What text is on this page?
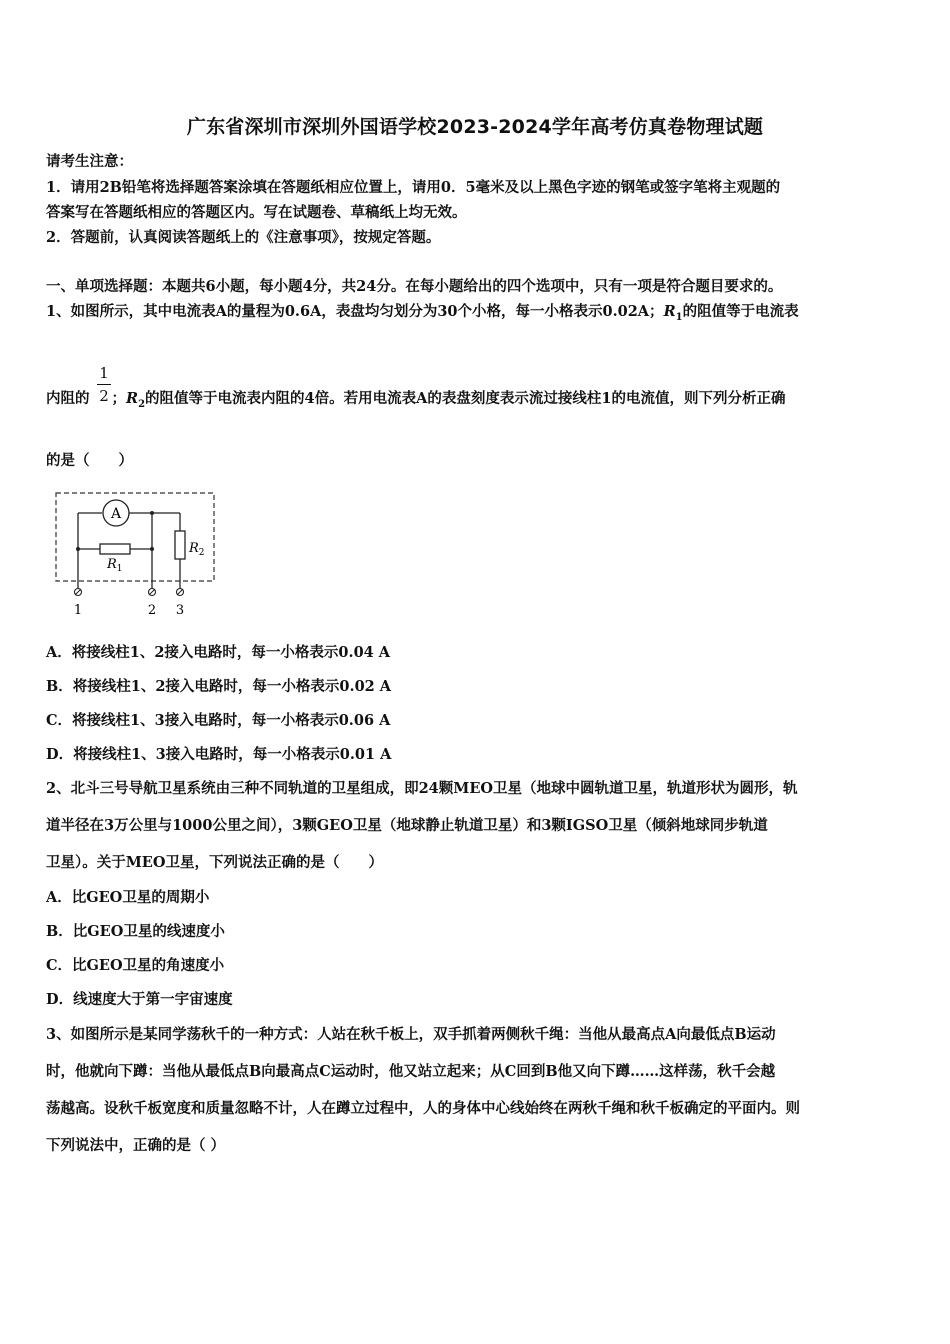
广东省深圳市深圳外国语学校2023-2024学年高考仿真卷物理试题
请考生注意：
1．请用2B铅笔将选择题答案涂填在答题纸相应位置上，请用0．5毫米及以上黑色字迹的钢笔或签字笔将主观题的
答案写在答题纸相应的答题区内。写在试题卷、草稿纸上均无效。
2．答题前，认真阅读答题纸上的《注意事项》，按规定答题。
一、单项选择题：本题共6小题，每小题4分，共24分。在每小题给出的四个选项中，只有一项是符合题目要求的。
1、如图所示，其中电流表A的量程为0.6A，表盘均匀划分为30个小格，每一小格表示0.02A；$R_1$的阻值等于电流表
1
2
内阻的 ；$R_2$的阻值等于电流表内阻的4倍。若用电流表A的表盘刻度表示流过接线柱1的电流值，则下列分析正确
的是（　　）
A
$R_2$
$R_1$
1	2 3
A．将接线柱1、2接入电路时，每一小格表示0.04 A
B．将接线柱1、2接入电路时，每一小格表示0.02 A
C．将接线柱1、3接入电路时，每一小格表示0.06 A
D．将接线柱1、3接入电路时，每一小格表示0.01 A
2、北斗三号导航卫星系统由三种不同轨道的卫星组成，即24颗MEO卫星（地球中圆轨道卫星，轨道形状为圆形，轨
道半径在3万公里与1000公里之间），3颗GEO卫星（地球静止轨道卫星）和3颗IGSO卫星（倾斜地球同步轨道
卫星）。关于MEO卫星，下列说法正确的是（　　）
A．比GEO卫星的周期小
B．比GEO卫星的线速度小
C．比GEO卫星的角速度小
D．线速度大于第一宇宙速度
3、如图所示是某同学荡秋千的一种方式：人站在秋千板上，双手抓着两侧秋千绳：当他从最高点A向最低点B运动
时，他就向下蹲：当他从最低点B向最高点C运动时，他又站立起来；从C回到B他又向下蹲……这样荡，秋千会越
荡越高。设秋千板宽度和质量忽略不计，人在蹲立过程中，人的身体中心线始终在两秋千绳和秋千板确定的平面内。则
下列说法中，正确的是（ ）
